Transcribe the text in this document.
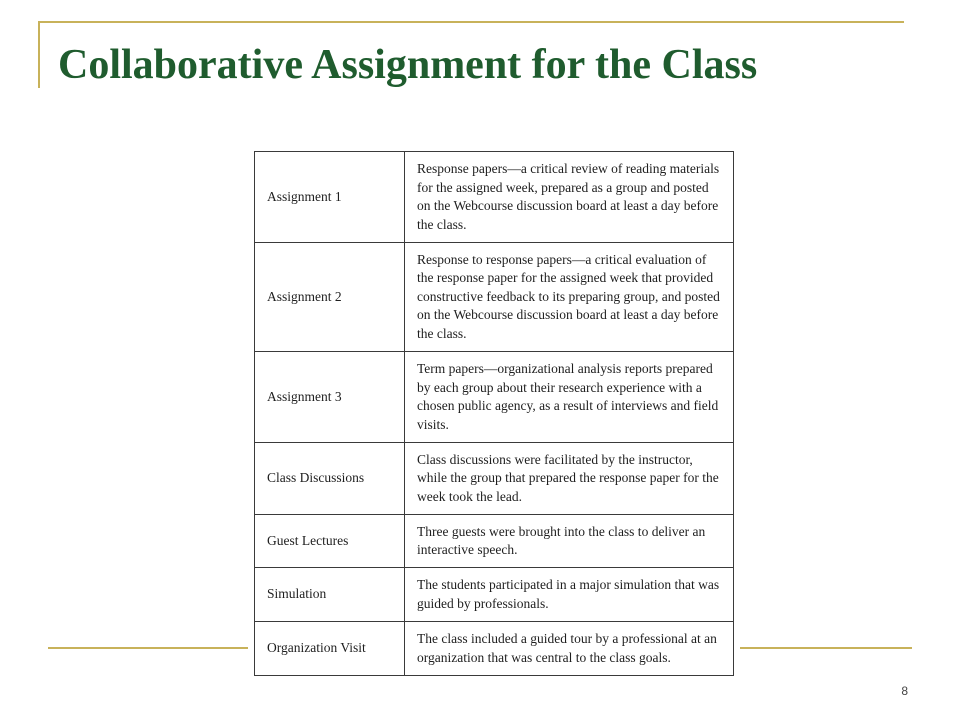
Collaborative Assignment for the Class
Assignment 1	Response papers—a critical review of reading materials for the assigned week, prepared as a group and posted on the Webcourse discussion board at least a day before the class.
Assignment 2	Response to response papers—a critical evaluation of the response paper for the assigned week that provided constructive feedback to its preparing group, and posted on the Webcourse discussion board at least a day before the class.
Assignment 3	Term papers—organizational analysis reports prepared by each group about their research experience with a chosen public agency, as a result of interviews and field visits.
Class Discussions	Class discussions were facilitated by the instructor, while the group that prepared the response paper for the week took the lead.
Guest Lectures	Three guests were brought into the class to deliver an interactive speech.
Simulation	The students participated in a major simulation that was guided by professionals.
Organization Visit	The class included a guided tour by a professional at an organization that was central to the class goals.
8
